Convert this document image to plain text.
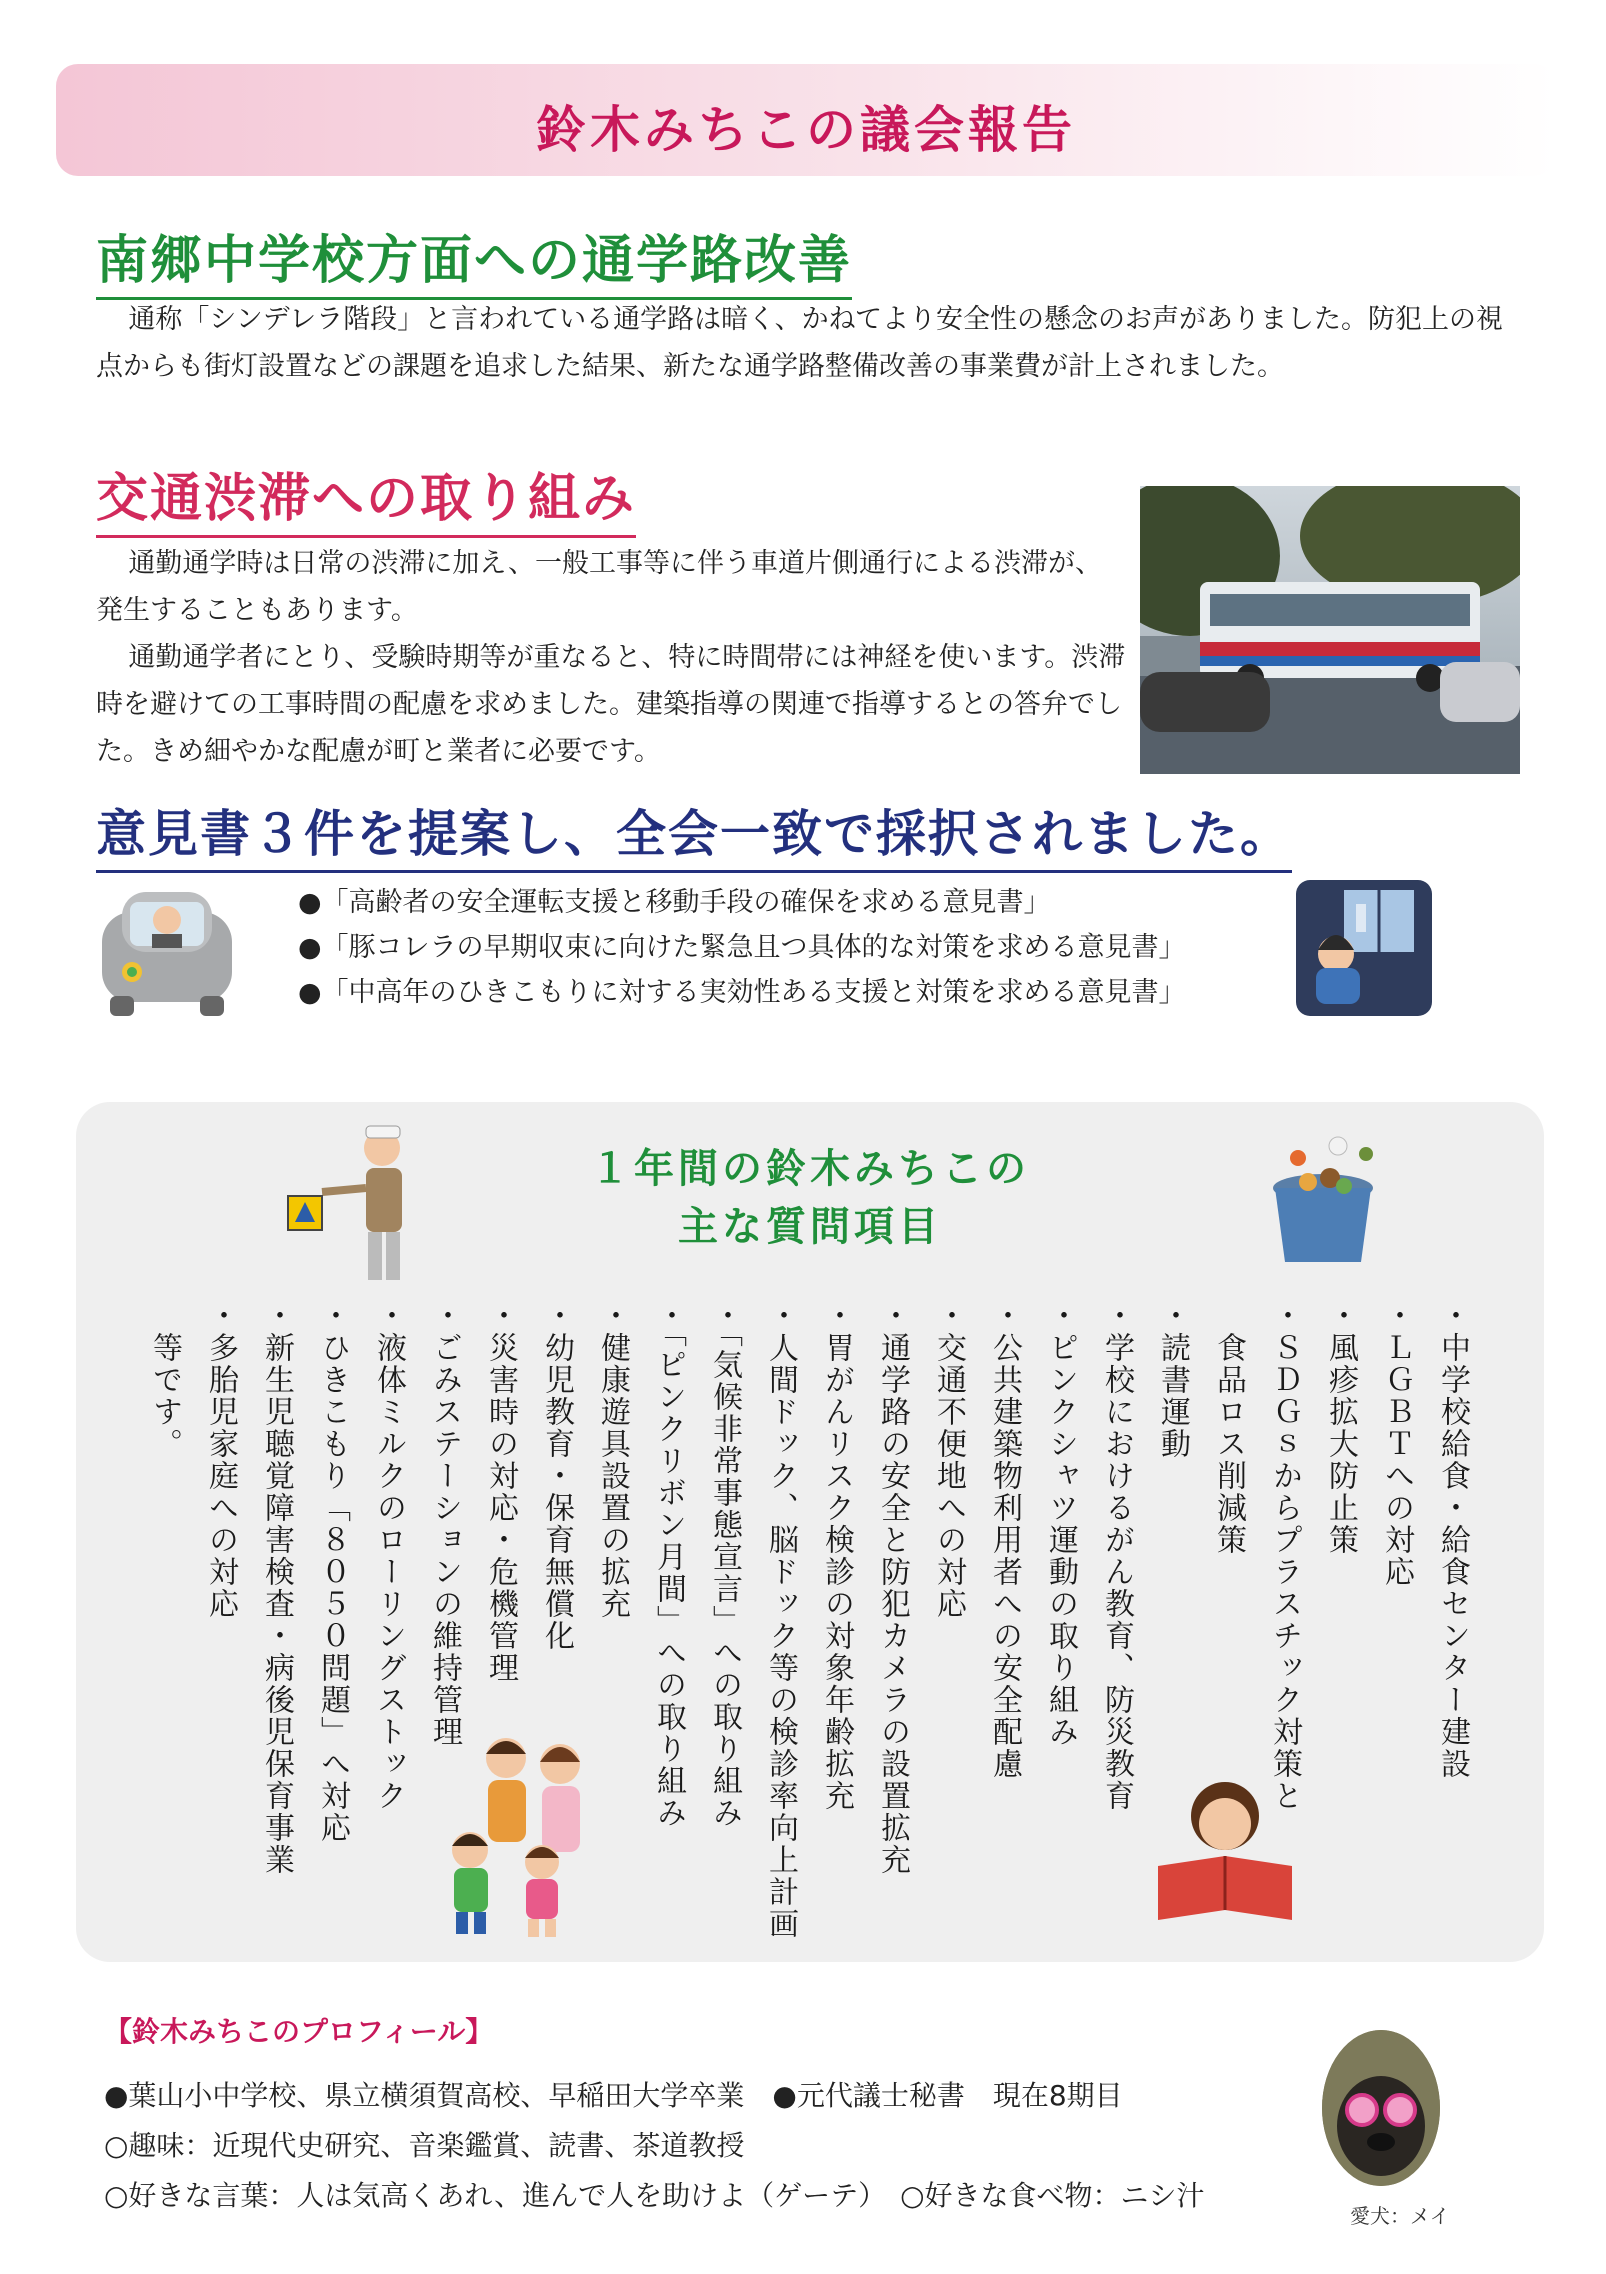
鈴木みちこの議会報告
南郷中学校方面への通学路改善

通称「シンデレラ階段」と言われている通学路は暗く、かねてより安全性の懸念のお声がありました。防犯上の視点からも街灯設置などの課題を追求した結果、新たな通学路整備改善の事業費が計上されました。

交通渋滞への取り組み

通勤通学時は日常の渋滞に加え、一般工事等に伴う車道片側通行による渋滞が、発生することもあります。

通勤通学者にとり、受験時期等が重なると、特に時間帯には神経を使います。渋滞時を避けての工事時間の配慮を求めました。建築指導の関連で指導するとの答弁でした。きめ細やかな配慮が町と業者に必要です。

意見書３件を提案し、全会一致で採択されました。
●「高齢者の安全運転支援と移動手段の確保を求める意見書」
●「豚コレラの早期収束に向けた緊急且つ具体的な対策を求める意見書」
●「中高年のひきこもりに対する実効性ある支援と対策を求める意見書」
１年間の鈴木みちこの
主な質問項目
・中学校給食・給食センター建設
・ＬＧＢＴへの対応
・風疹拡大防止策
・ＳＤＧｓからプラスチック対策と
　食品ロス削減策
・読書運動
・学校におけるがん教育、防災教育
・ピンクシャツ運動の取り組み
・公共建築物利用者への安全配慮
・交通不便地への対応
・通学路の安全と防犯カメラの設置拡充
・胃がんリスク検診の対象年齢拡充
・人間ドック、脳ドック等の検診率向上計画
・「気候非常事態宣言」への取り組み
・「ピンクリボン月間」への取り組み
・健康遊具設置の拡充
・幼児教育・保育無償化
・災害時の対応・危機管理
・ごみステーションの維持管理
・液体ミルクのローリングストック
・ひきこもり「８０５０問題」へ対応
・新生児聴覚障害検査・病後児保育事業
・多胎児家庭への対応
　等です。
【鈴木みちこのプロフィール】
●葉山小中学校、県立横須賀高校、早稲田大学卒業　●元代議士秘書　現在8期目
○趣味：近現代史研究、音楽鑑賞、読書、茶道教授
○好きな言葉：人は気高くあれ、進んで人を助けよ（ゲーテ）　○好きな食べ物：ニシ汁
愛犬：メイ
